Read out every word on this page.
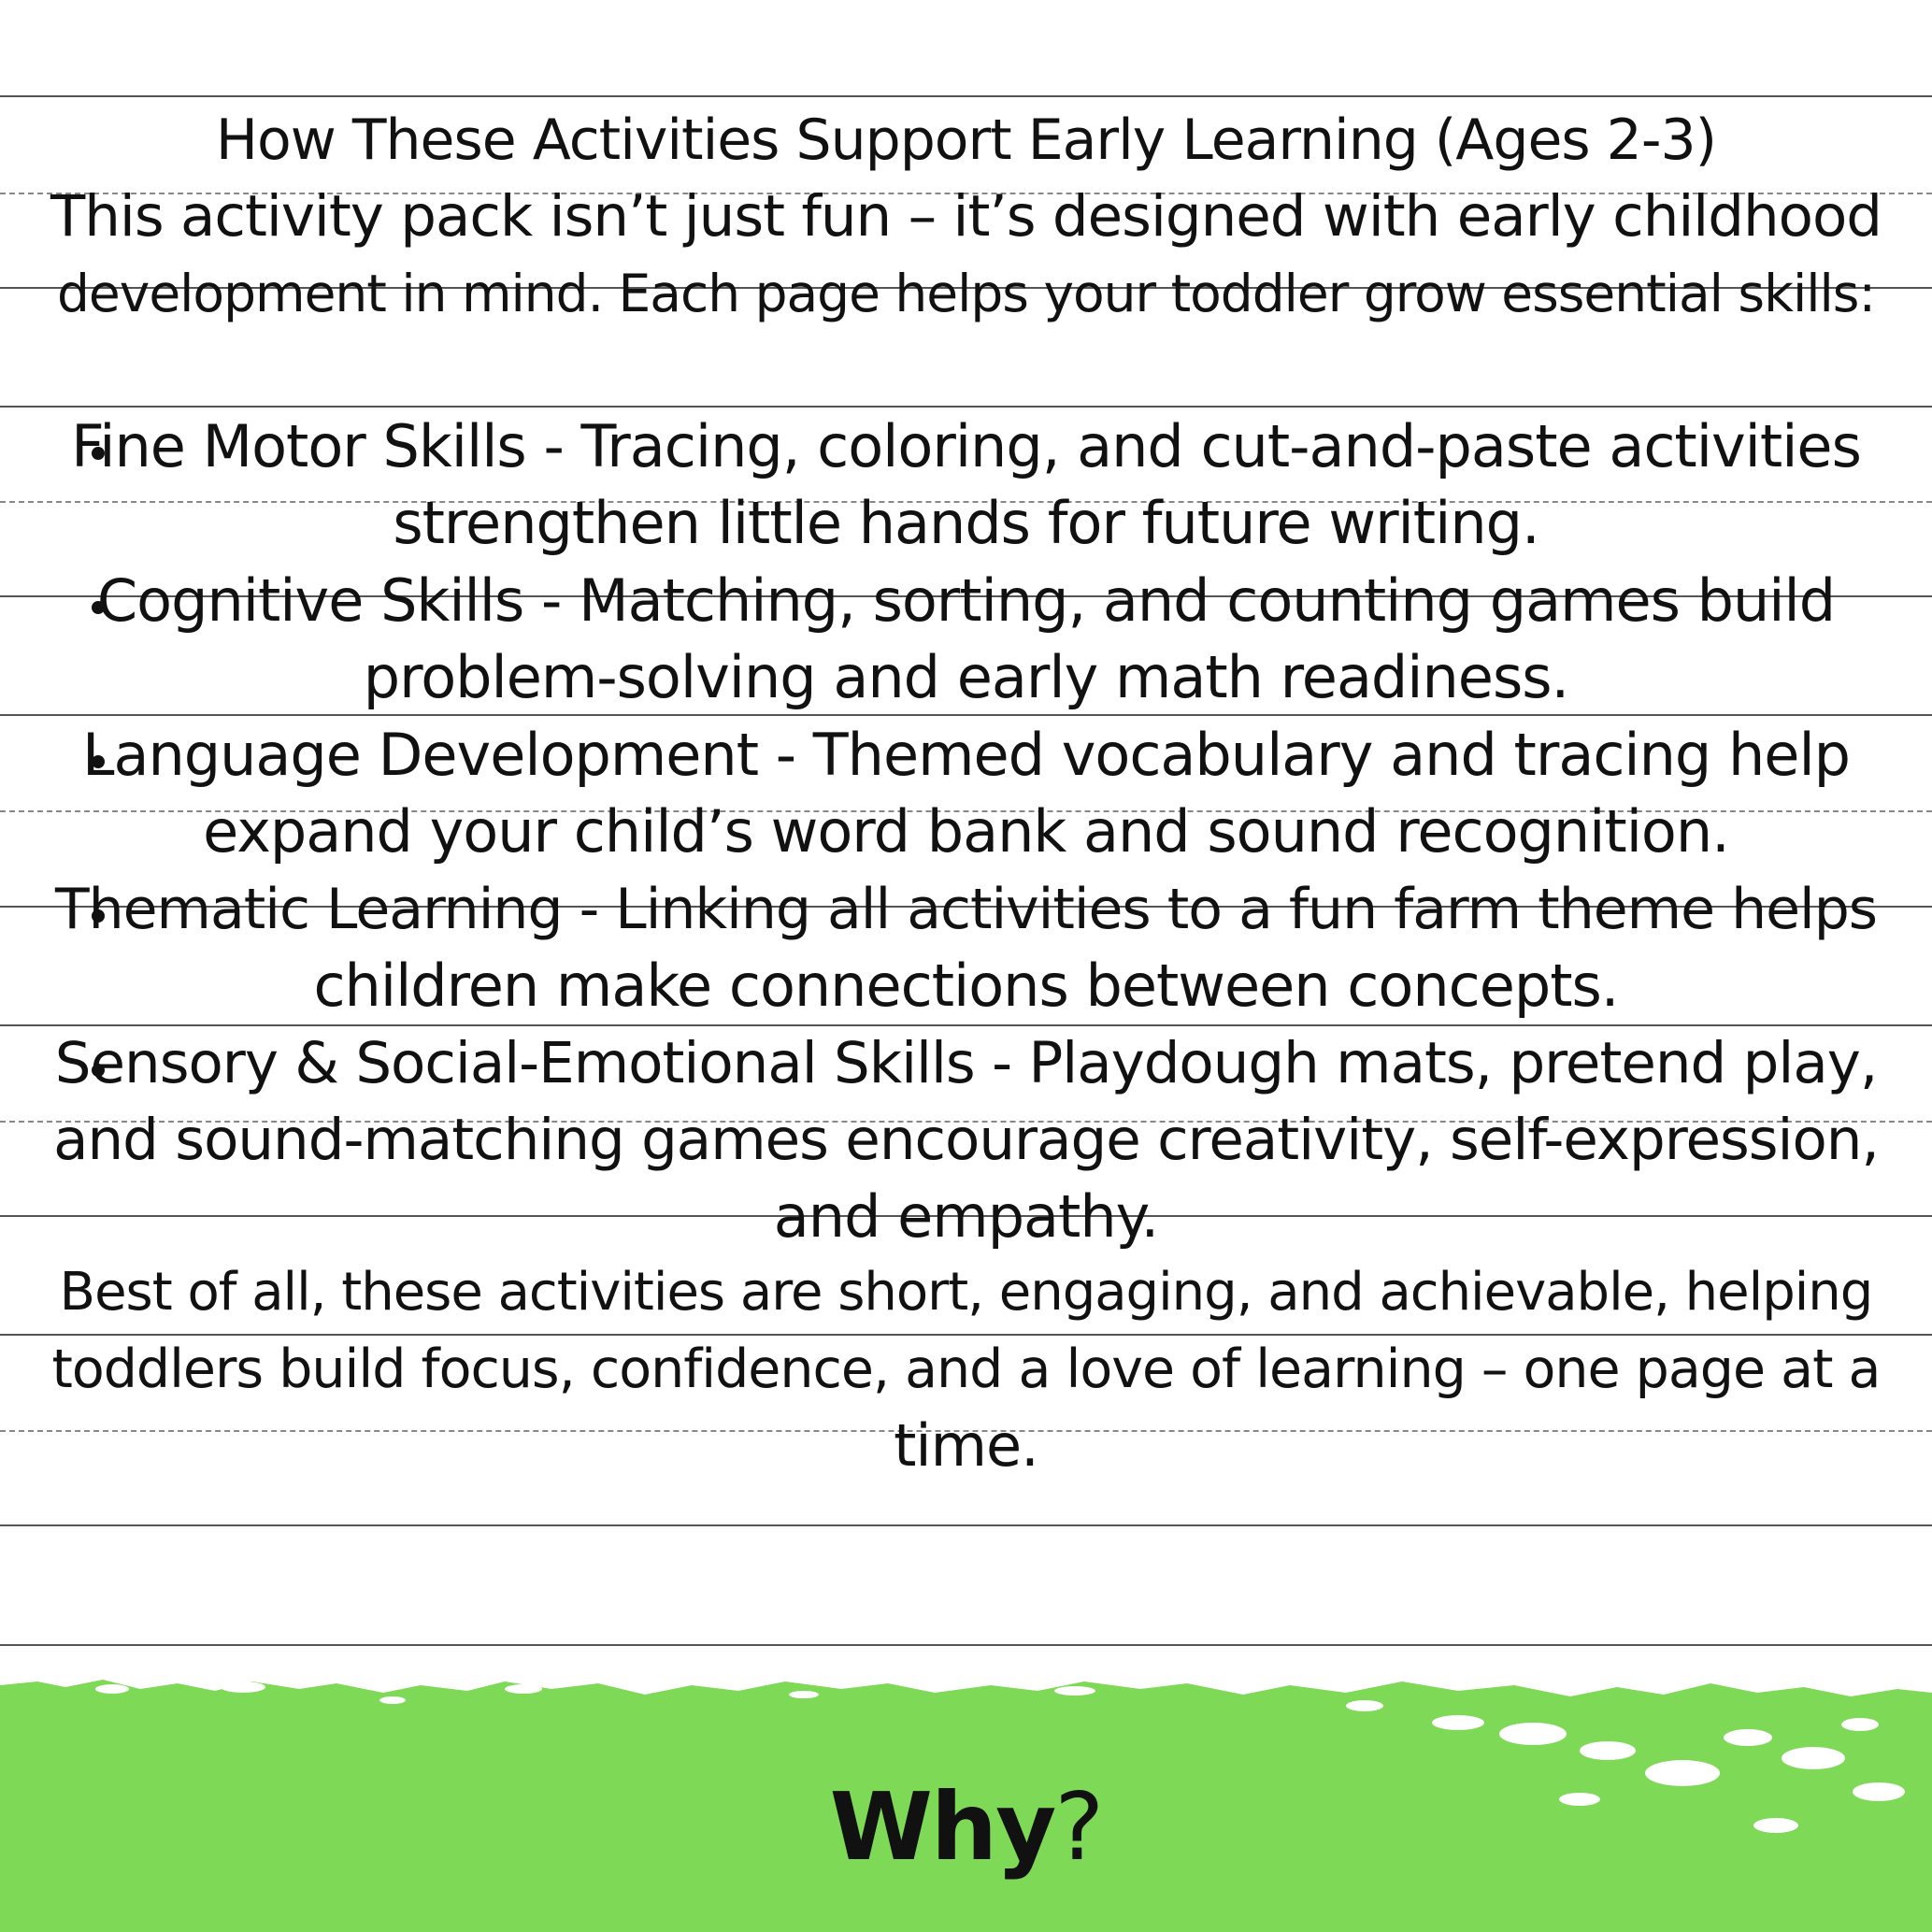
How These Activities Support Early Learning (Ages 2-3)
This activity pack isn’t just fun – it’s designed with early childhood
development in mind. Each page helps your toddler grow essential skills:
Fine Motor Skills - Tracing, coloring, and cut-and-paste activities
strengthen little hands for future writing.
Cognitive Skills - Matching, sorting, and counting games build
problem-solving and early math readiness.
Language Development - Themed vocabulary and tracing help
expand your child’s word bank and sound recognition.
Thematic Learning - Linking all activities to a fun farm theme helps
children make connections between concepts.
Sensory & Social-Emotional Skills - Playdough mats, pretend play,
and sound-matching games encourage creativity, self-expression,
and empathy.
Best of all, these activities are short, engaging, and achievable, helping
toddlers build focus, confidence, and a love of learning – one page at a
time.
Why?
